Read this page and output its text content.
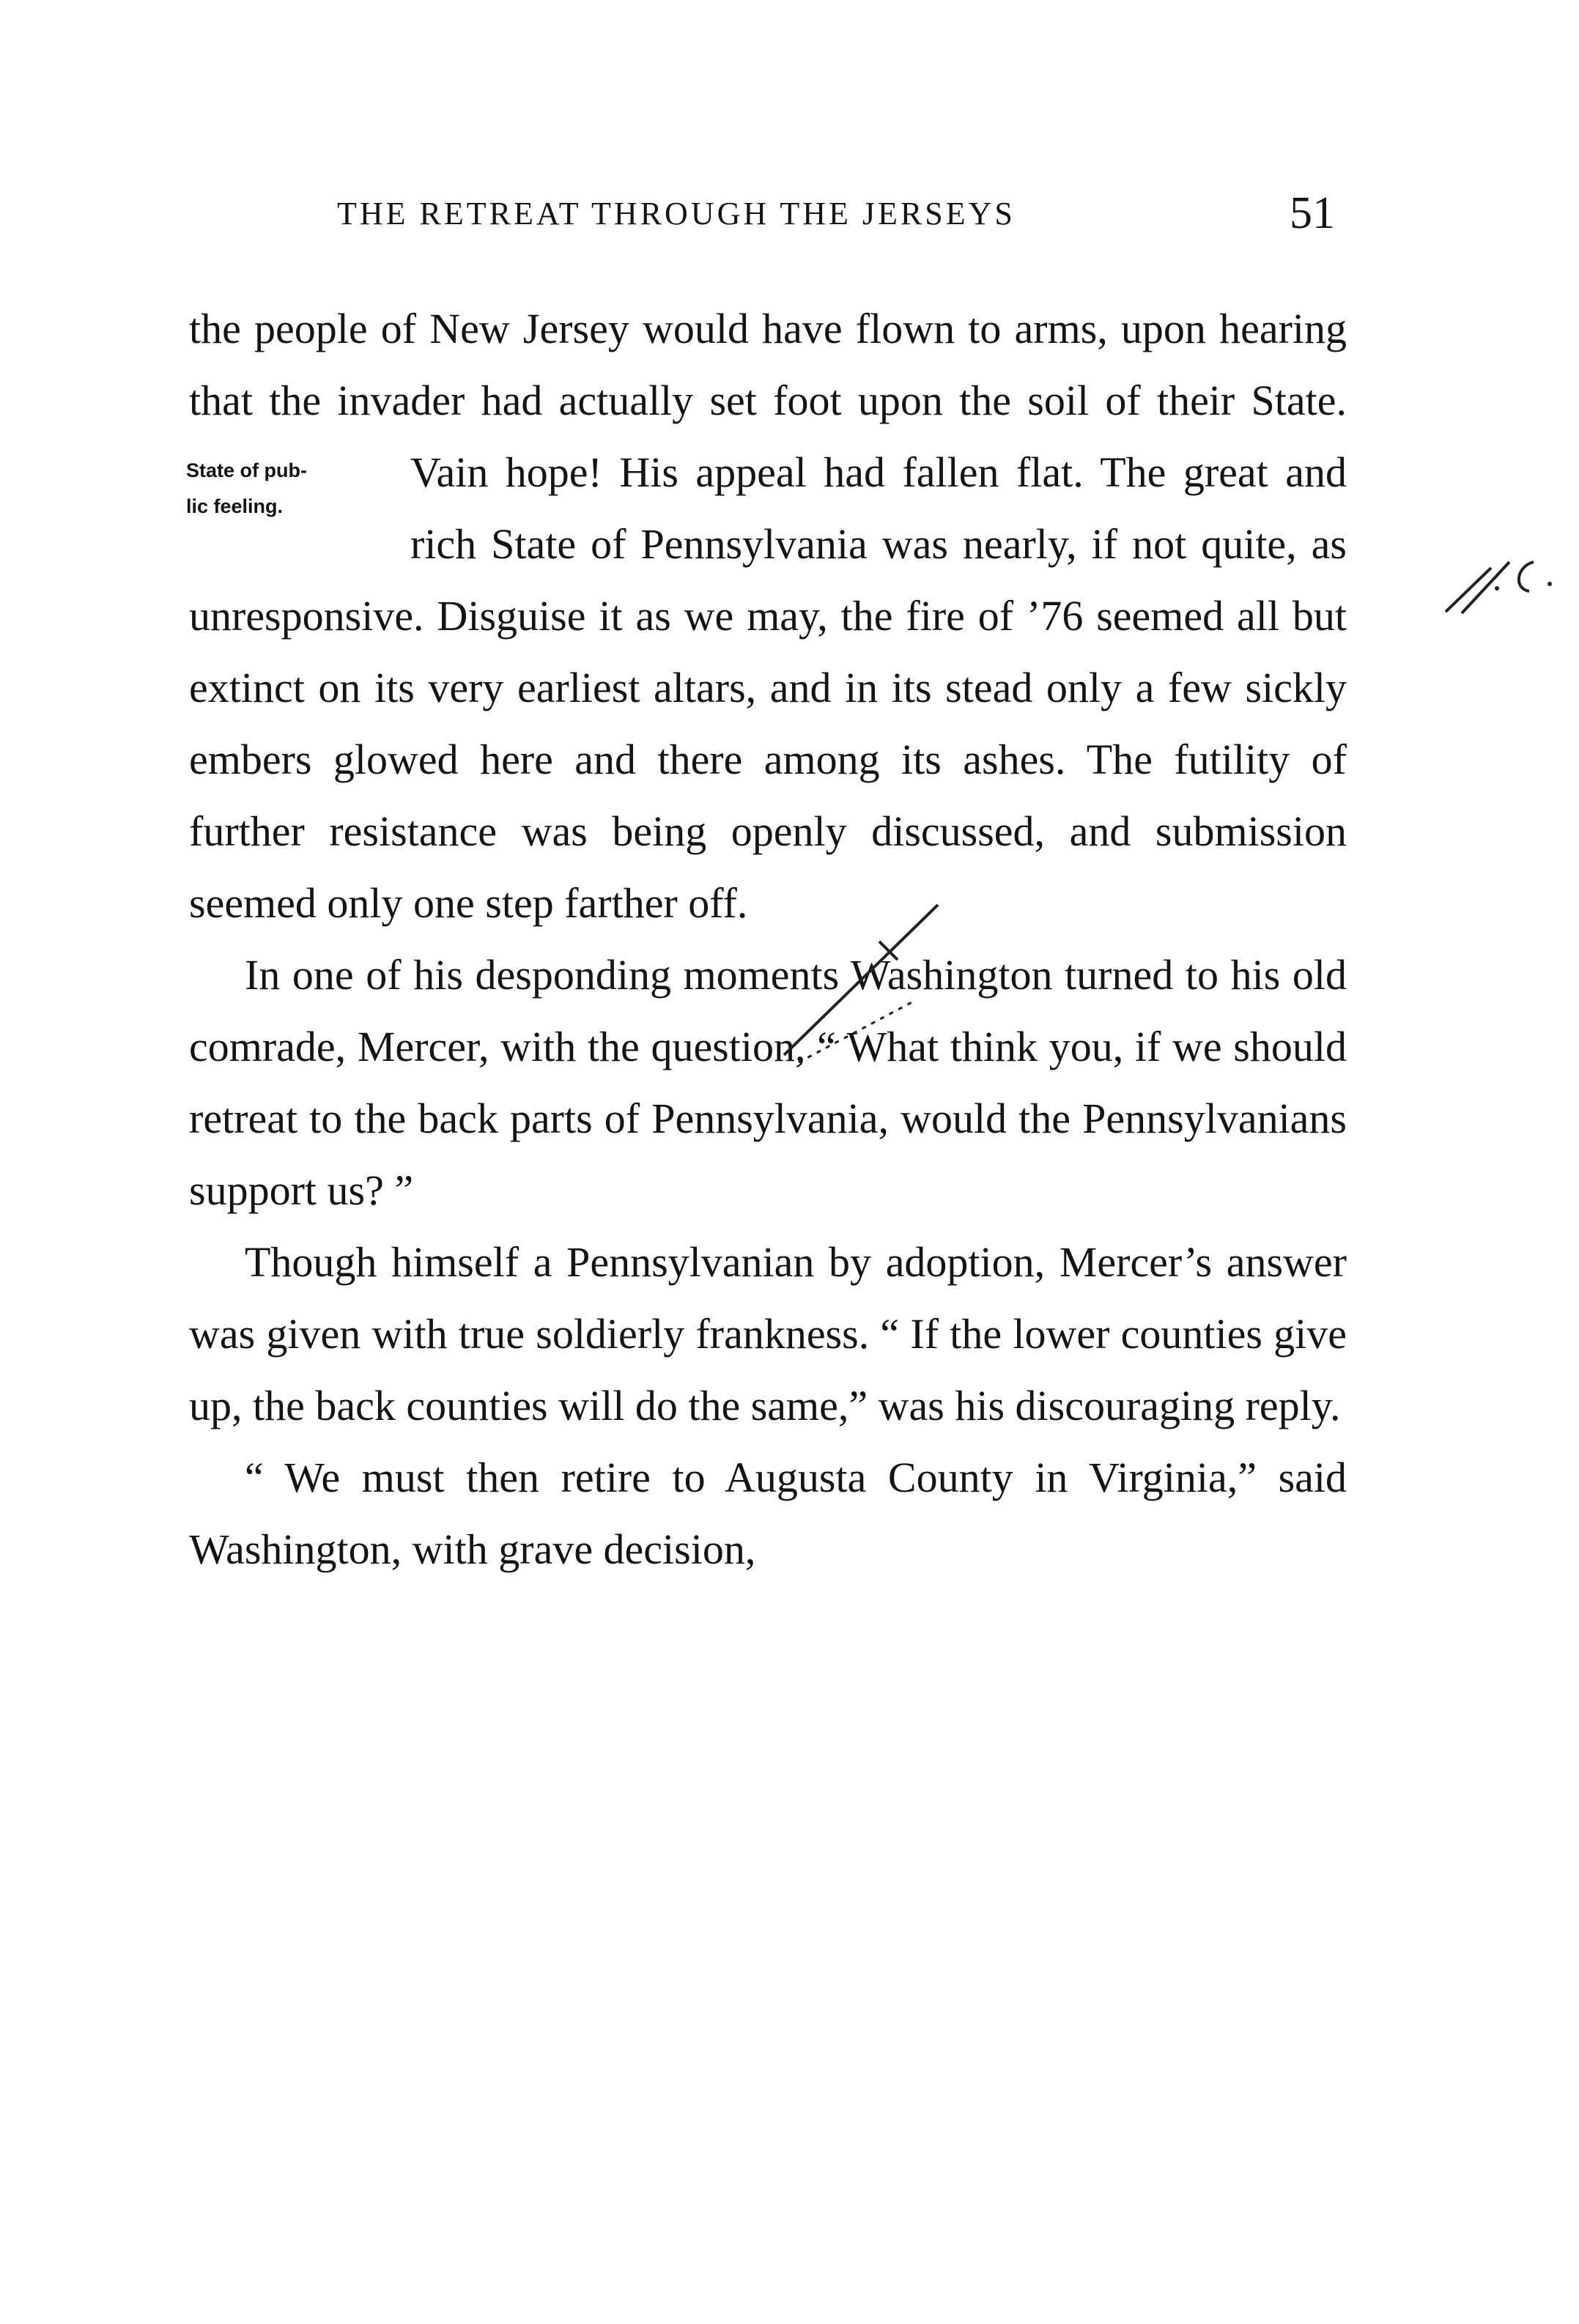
THE RETREAT THROUGH THE JERSEYS	51

the people of New Jersey would have flown to arms, upon hearing that the invader had actually set foot upon the soil of their State. Vain hope!
State of pub-
lic feeling.
His appeal had fallen flat. The great and rich State of Pennsylvania was nearly, if not quite, as unresponsive. Disguise it as we may, the fire of ’76 seemed all but extinct on its very earliest altars, and in its stead only a few sickly embers glowed here and there among its ashes. The futility of further resistance was being openly discussed, and submission seemed only one step farther off.

In one of his desponding moments Washington turned to his old comrade, Mercer, with the question, “ What think you, if we should retreat to the back parts of Pennsylvania, would the Pennsylvanians support us? ”

Though himself a Pennsylvanian by adoption, Mercer’s answer was given with true soldierly frankness. “ If the lower counties give up, the back counties will do the same,” was his discouraging reply.

“ We must then retire to Augusta County in Virginia,” said Washington, with grave decision,
